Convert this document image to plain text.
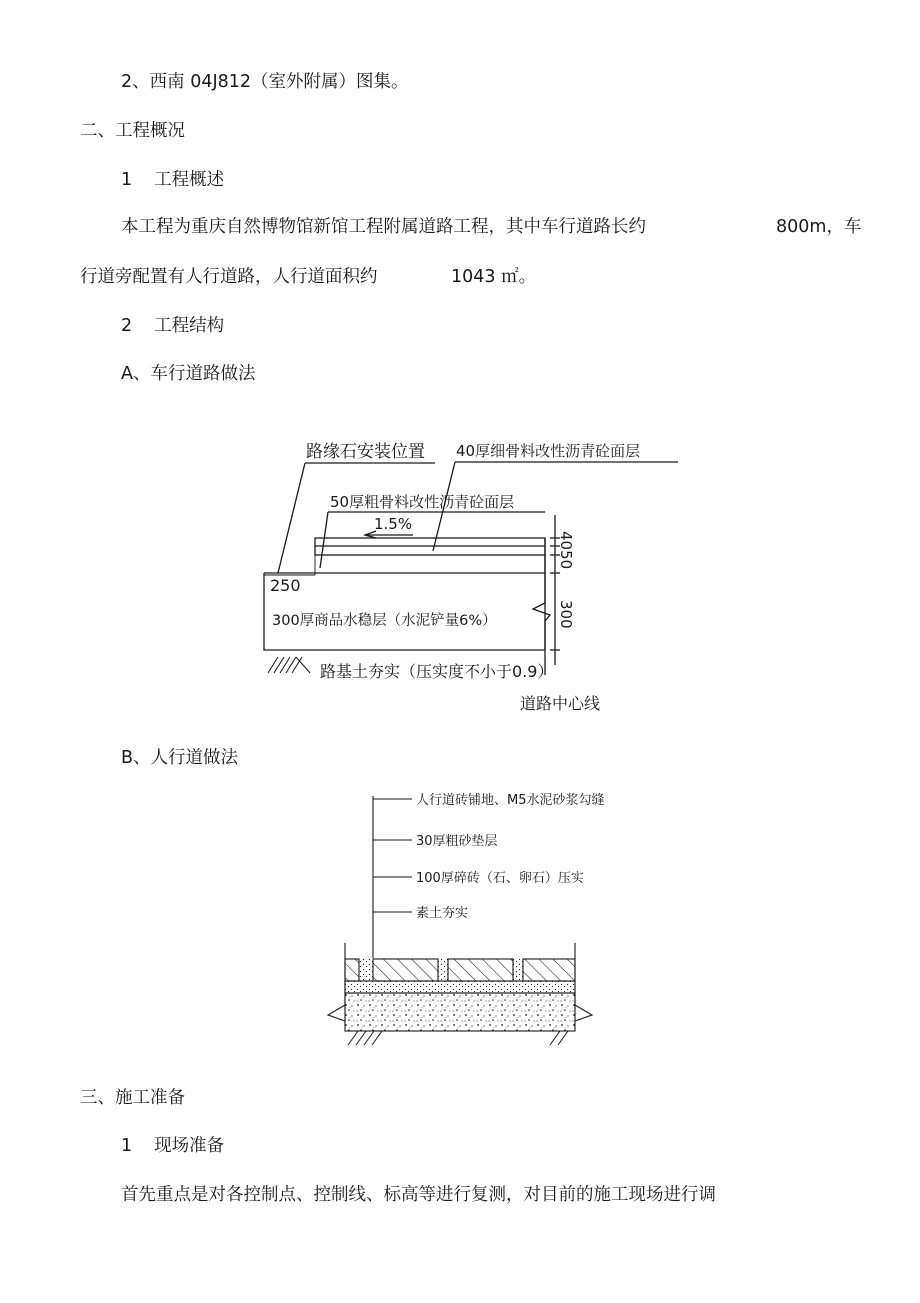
2、西南 04J812（室外附属）图集。

二、工程概况

1 工程概述

本工程为重庆自然博物馆新馆工程附属道路工程，其中车行道路长约	800m，车

行道旁配置有人行道路，人行道面积约	1043 ㎡。

2 工程结构

A、车行道路做法

路缘石安装位置 40厚细骨料改性沥青砼面层
50厚粗骨料改性沥青砼面层
1.5%
250
300厚商品水稳层（水泥铲量6%）
路基土夯实（压实度不小于0.9）
道路中心线
4050
300

B、人行道做法

人行道砖铺地、M5水泥砂浆勾缝
30厚粗砂垫层
100厚碎砖（石、卵石）压实
素土夯实

三、施工准备

1 现场准备

首先重点是对各控制点、控制线、标高等进行复测，对目前的施工现场进行调
